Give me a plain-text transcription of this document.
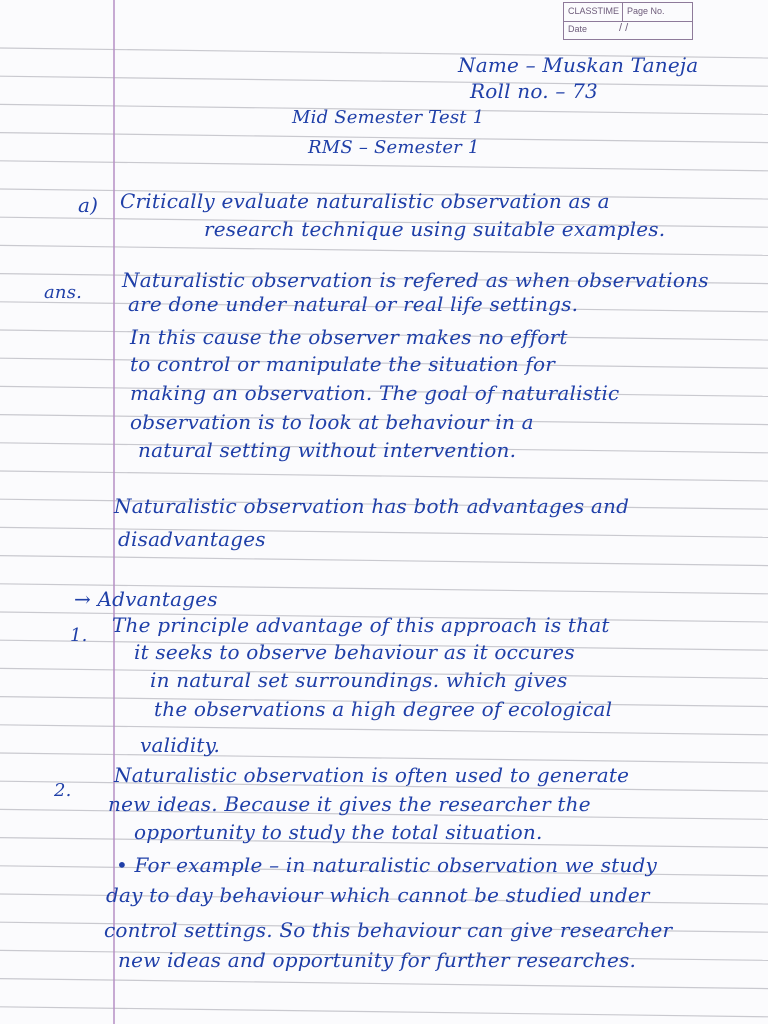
CLASSTIME Page No.
Date	/ /
Name – Muskan Taneja
Roll no. – 73
Mid Semester Test 1
RMS – Semester 1
a) Critically evaluate naturalistic observation as a
research technique using suitable examples.
ans.
Naturalistic observation is refered as when observations
are done under natural or real life settings.
In this cause the observer makes no effort
to control or manipulate the situation for
making an observation. The goal of naturalistic
observation is to look at behaviour in a
natural setting without intervention.
Naturalistic observation has both advantages and
disadvantages
→ Advantages
1. The principle advantage of this approach is that
it seeks to observe behaviour as it occures
in natural set surroundings. which gives
the observations a high degree of ecological
validity.
2.
Naturalistic observation is often used to generate
new ideas. Because it gives the researcher the
opportunity to study the total situation.
• For example – in naturalistic observation we study
day to day behaviour which cannot be studied under
control settings. So this behaviour can give researcher
new ideas and opportunity for further researches.
